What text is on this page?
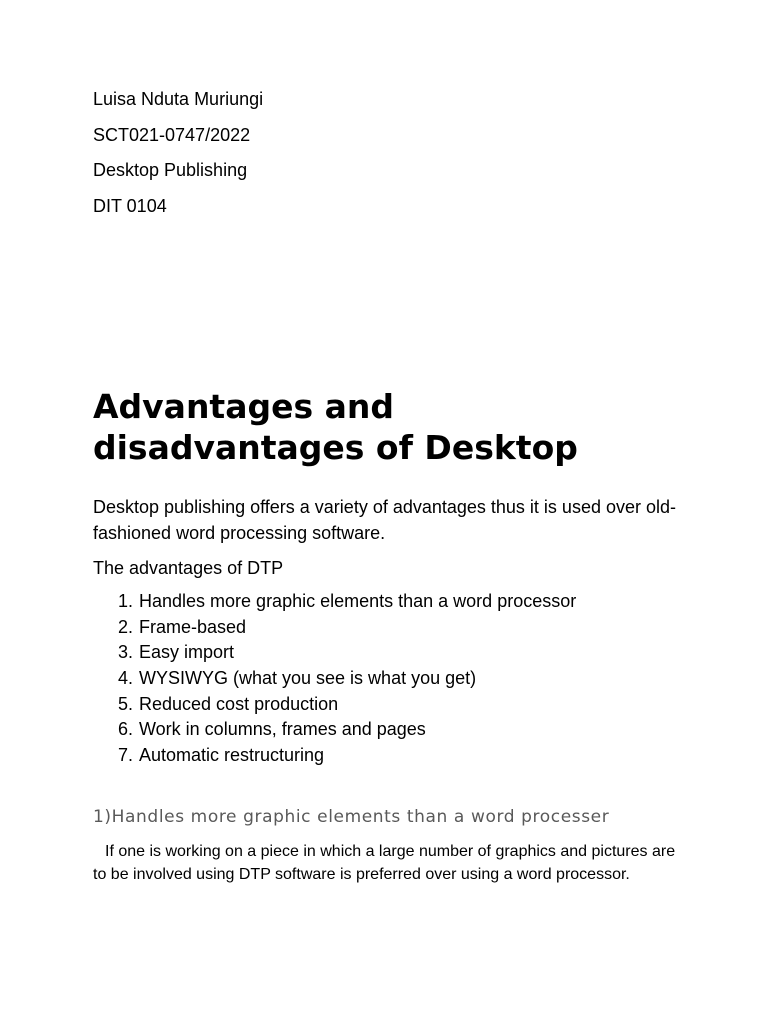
Luisa Nduta Muriungi
SCT021-0747/2022
Desktop Publishing
DIT 0104
Advantages and disadvantages of Desktop

Desktop publishing offers a variety of advantages thus it is used over old-fashioned word processing software.

The advantages of DTP

1. Handles more graphic elements than a word processor
2. Frame-based
3. Easy import
4. WYSIWYG (what you see is what you get)
5. Reduced cost production
6. Work in columns, frames and pages
7. Automatic restructuring
1)Handles more graphic elements than a word processer

If one is working on a piece in which a large number of graphics and pictures are to be involved using DTP software is preferred over using a word processor.
